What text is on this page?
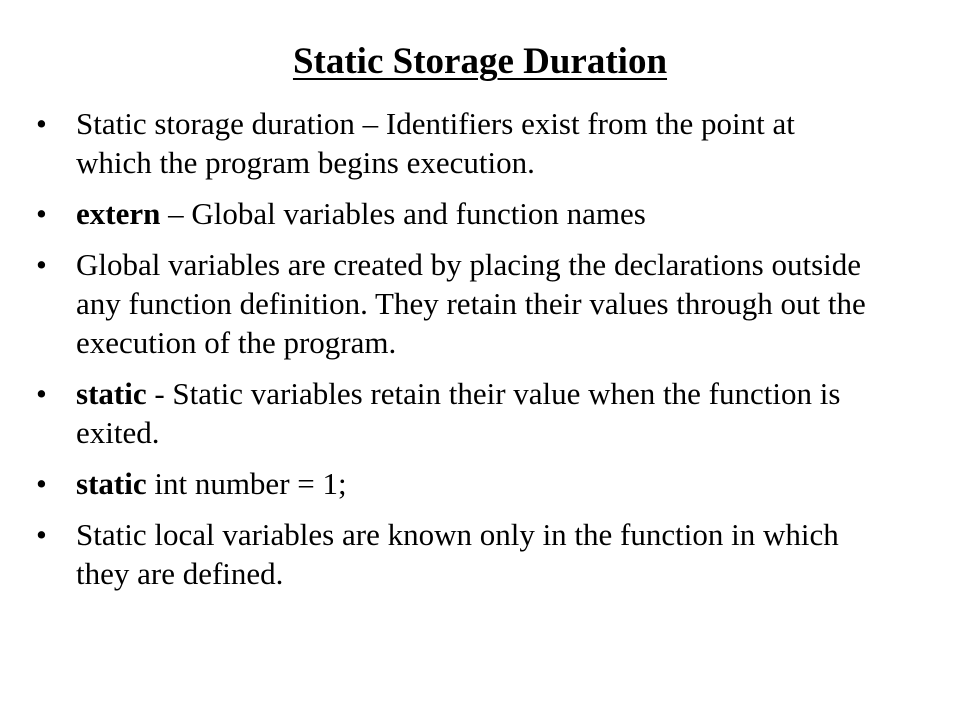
Static Storage Duration
• Static storage duration – Identifiers exist from the point at which the program begins execution.
• extern – Global variables and function names
• Global variables are created by placing the declarations outside any function definition. They retain their values through out the execution of the program.
• static - Static variables retain their value when the function is exited.
• static int number = 1;
• Static local variables are known only in the function in which they are defined.
